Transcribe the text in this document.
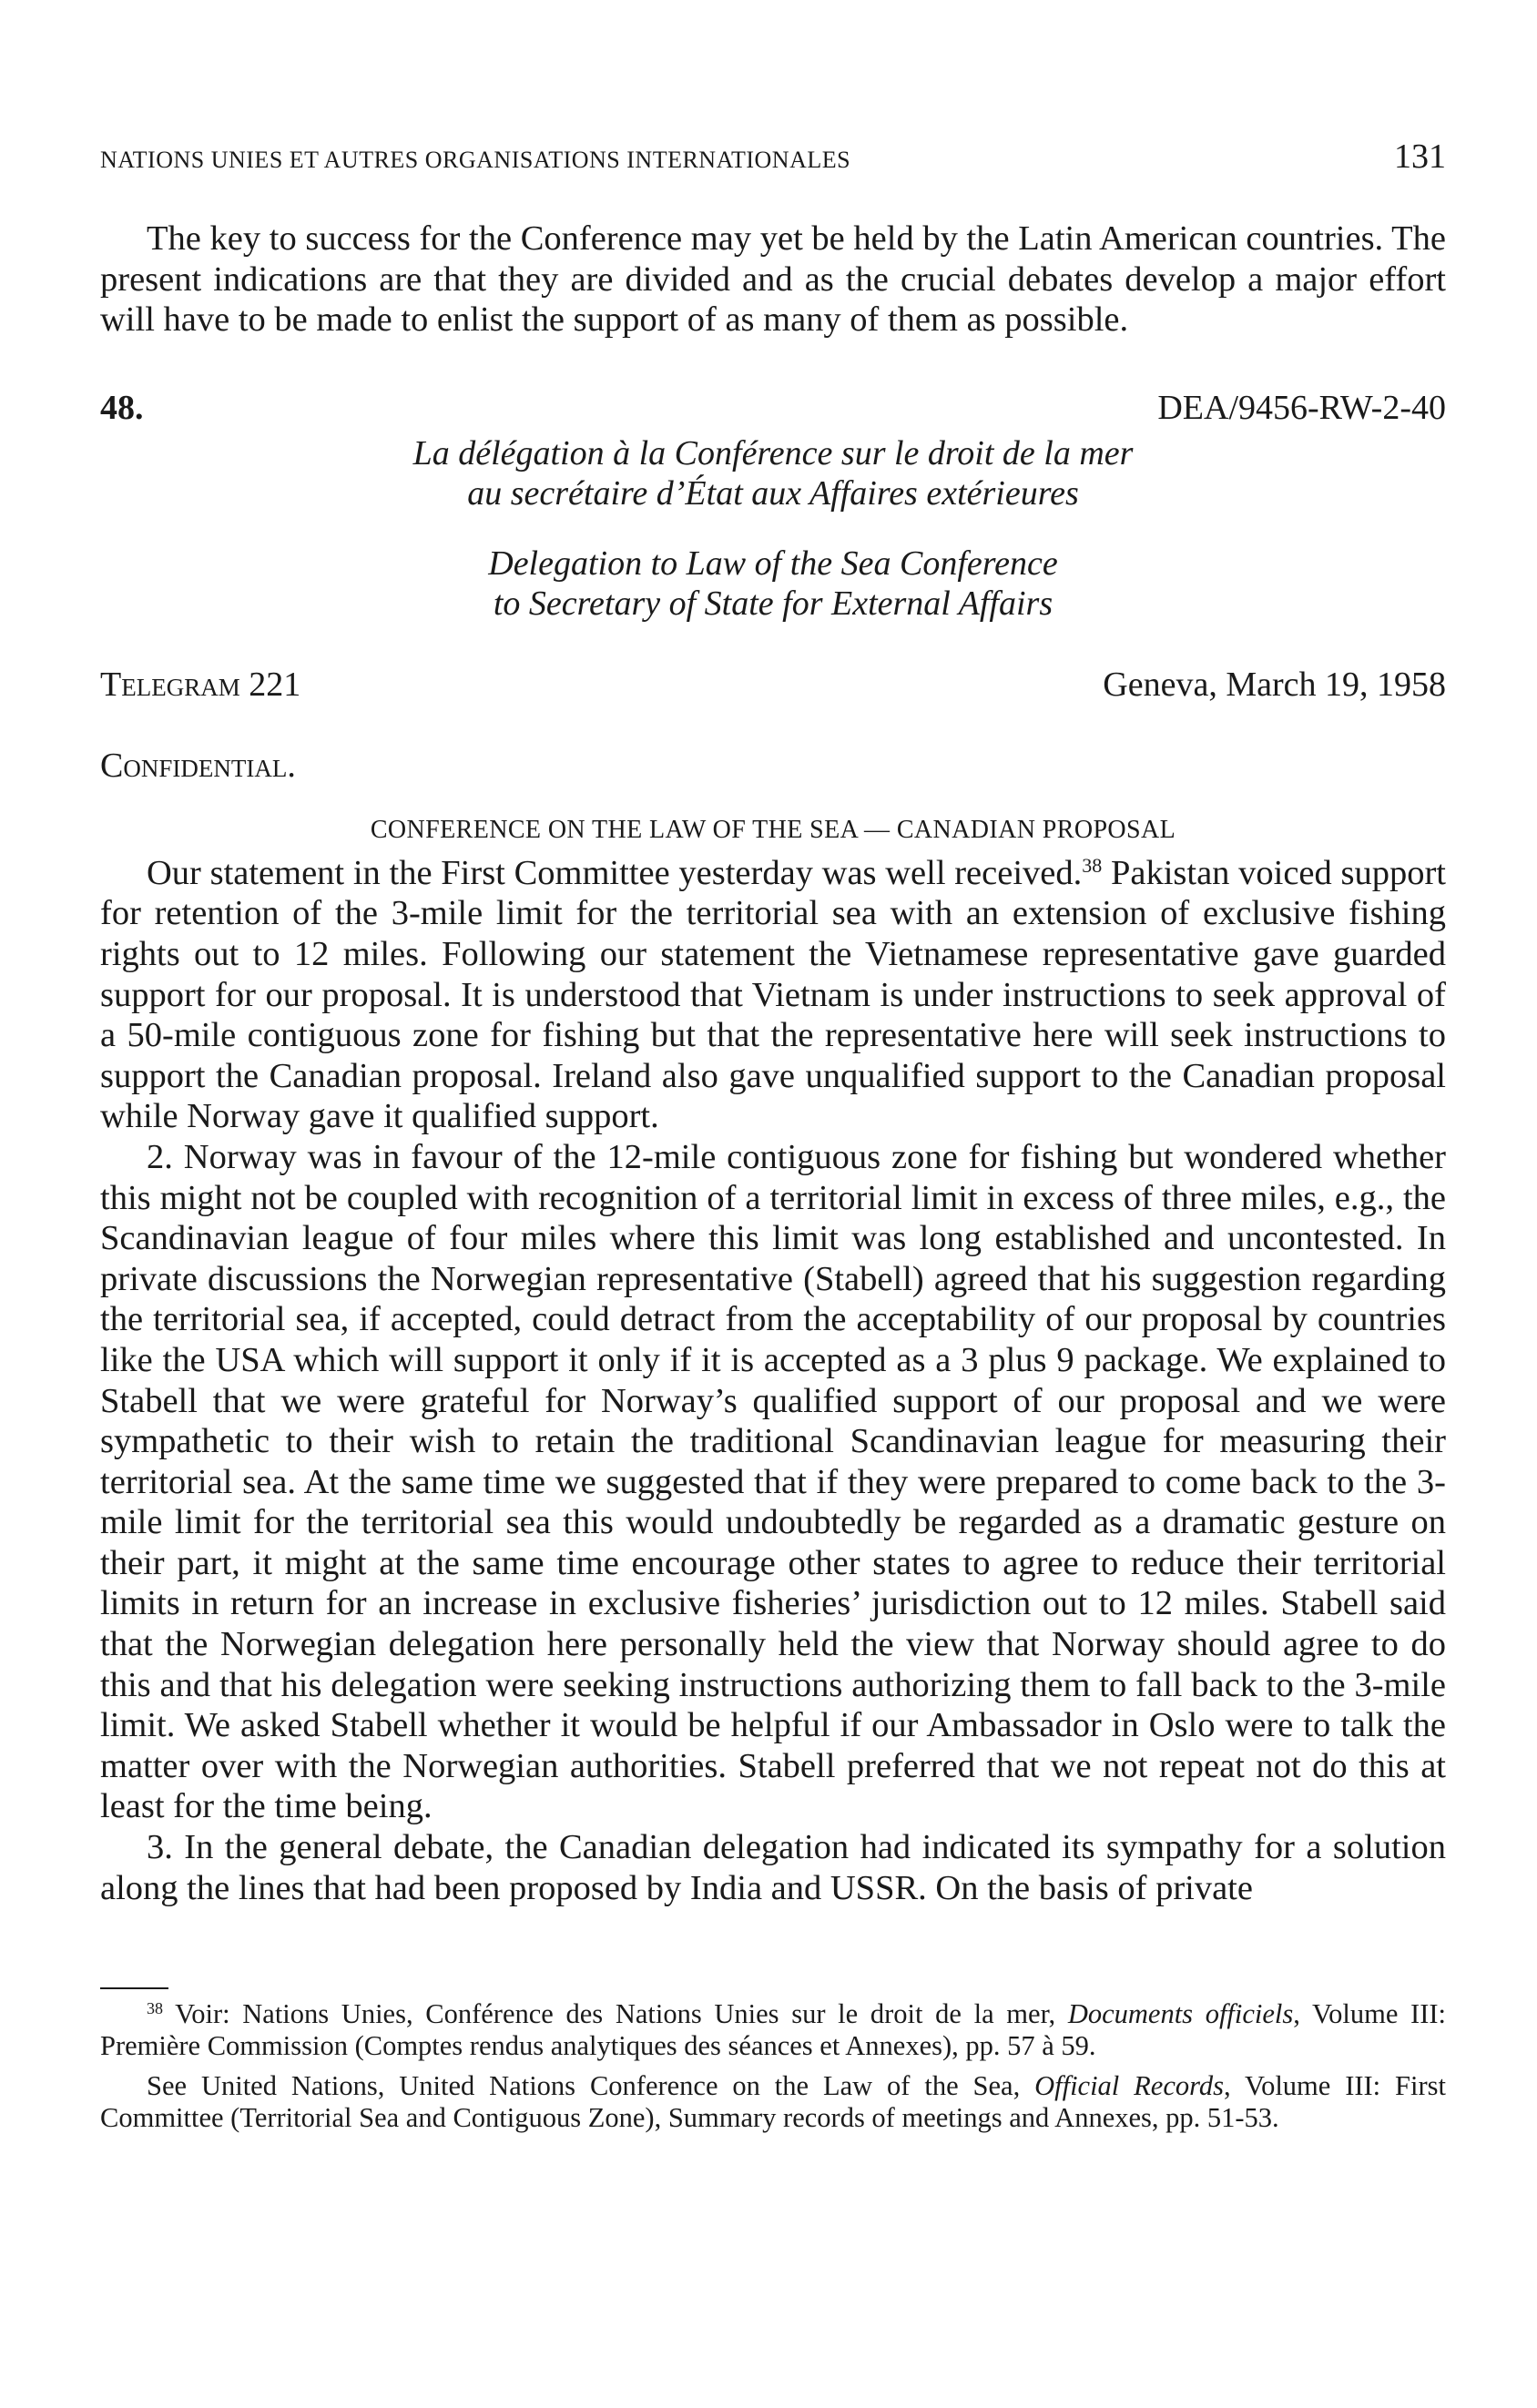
NATIONS UNIES ET AUTRES ORGANISATIONS INTERNATIONALES	131

The key to success for the Conference may yet be held by the Latin American countries. The present indications are that they are divided and as the crucial debates develop a major effort will have to be made to enlist the support of as many of them as possible.

48.	DEA/9456-RW-2-40
La délégation à la Conférence sur le droit de la mer
au secrétaire d’État aux Affaires extérieures
Delegation to Law of the Sea Conference
to Secretary of State for External Affairs
Telegram 221	Geneva, March 19, 1958
Confidential.
CONFERENCE ON THE LAW OF THE SEA — CANADIAN PROPOSAL

Our statement in the First Committee yesterday was well received.$^{38}$ Pakistan voiced support for retention of the 3-mile limit for the territorial sea with an extension of exclusive fishing rights out to 12 miles. Following our statement the Vietnamese representative gave guarded support for our proposal. It is understood that Vietnam is under instructions to seek approval of a 50-mile contiguous zone for fishing but that the representative here will seek instructions to support the Canadian proposal. Ireland also gave unqualified support to the Canadian proposal while Norway gave it qualified support.

2. Norway was in favour of the 12-mile contiguous zone for fishing but wondered whether this might not be coupled with recognition of a territorial limit in excess of three miles, e.g., the Scandinavian league of four miles where this limit was long established and uncontested. In private discussions the Norwegian representative (Stabell) agreed that his suggestion regarding the territorial sea, if accepted, could detract from the acceptability of our proposal by countries like the USA which will support it only if it is accepted as a 3 plus 9 package. We explained to Stabell that we were grateful for Norway’s qualified support of our proposal and we were sympathetic to their wish to retain the traditional Scandinavian league for measuring their territorial sea. At the same time we suggested that if they were prepared to come back to the 3-mile limit for the territorial sea this would undoubtedly be regarded as a dramatic gesture on their part, it might at the same time encourage other states to agree to reduce their territorial limits in return for an increase in exclusive fisheries’ jurisdiction out to 12 miles. Stabell said that the Norwegian delegation here personally held the view that Norway should agree to do this and that his delegation were seeking instructions authorizing them to fall back to the 3-mile limit. We asked Stabell whether it would be helpful if our Ambassador in Oslo were to talk the matter over with the Norwegian authorities. Stabell preferred that we not repeat not do this at least for the time being.

3. In the general debate, the Canadian delegation had indicated its sympathy for a solution along the lines that had been proposed by India and USSR. On the basis of private

$^{38}$ Voir: Nations Unies, Conférence des Nations Unies sur le droit de la mer, Documents officiels, Volume III: Première Commission (Comptes rendus analytiques des séances et Annexes), pp. 57 à 59.

See United Nations, United Nations Conference on the Law of the Sea, Official Records, Volume III: First Committee (Territorial Sea and Contiguous Zone), Summary records of meetings and Annexes, pp. 51-53.
